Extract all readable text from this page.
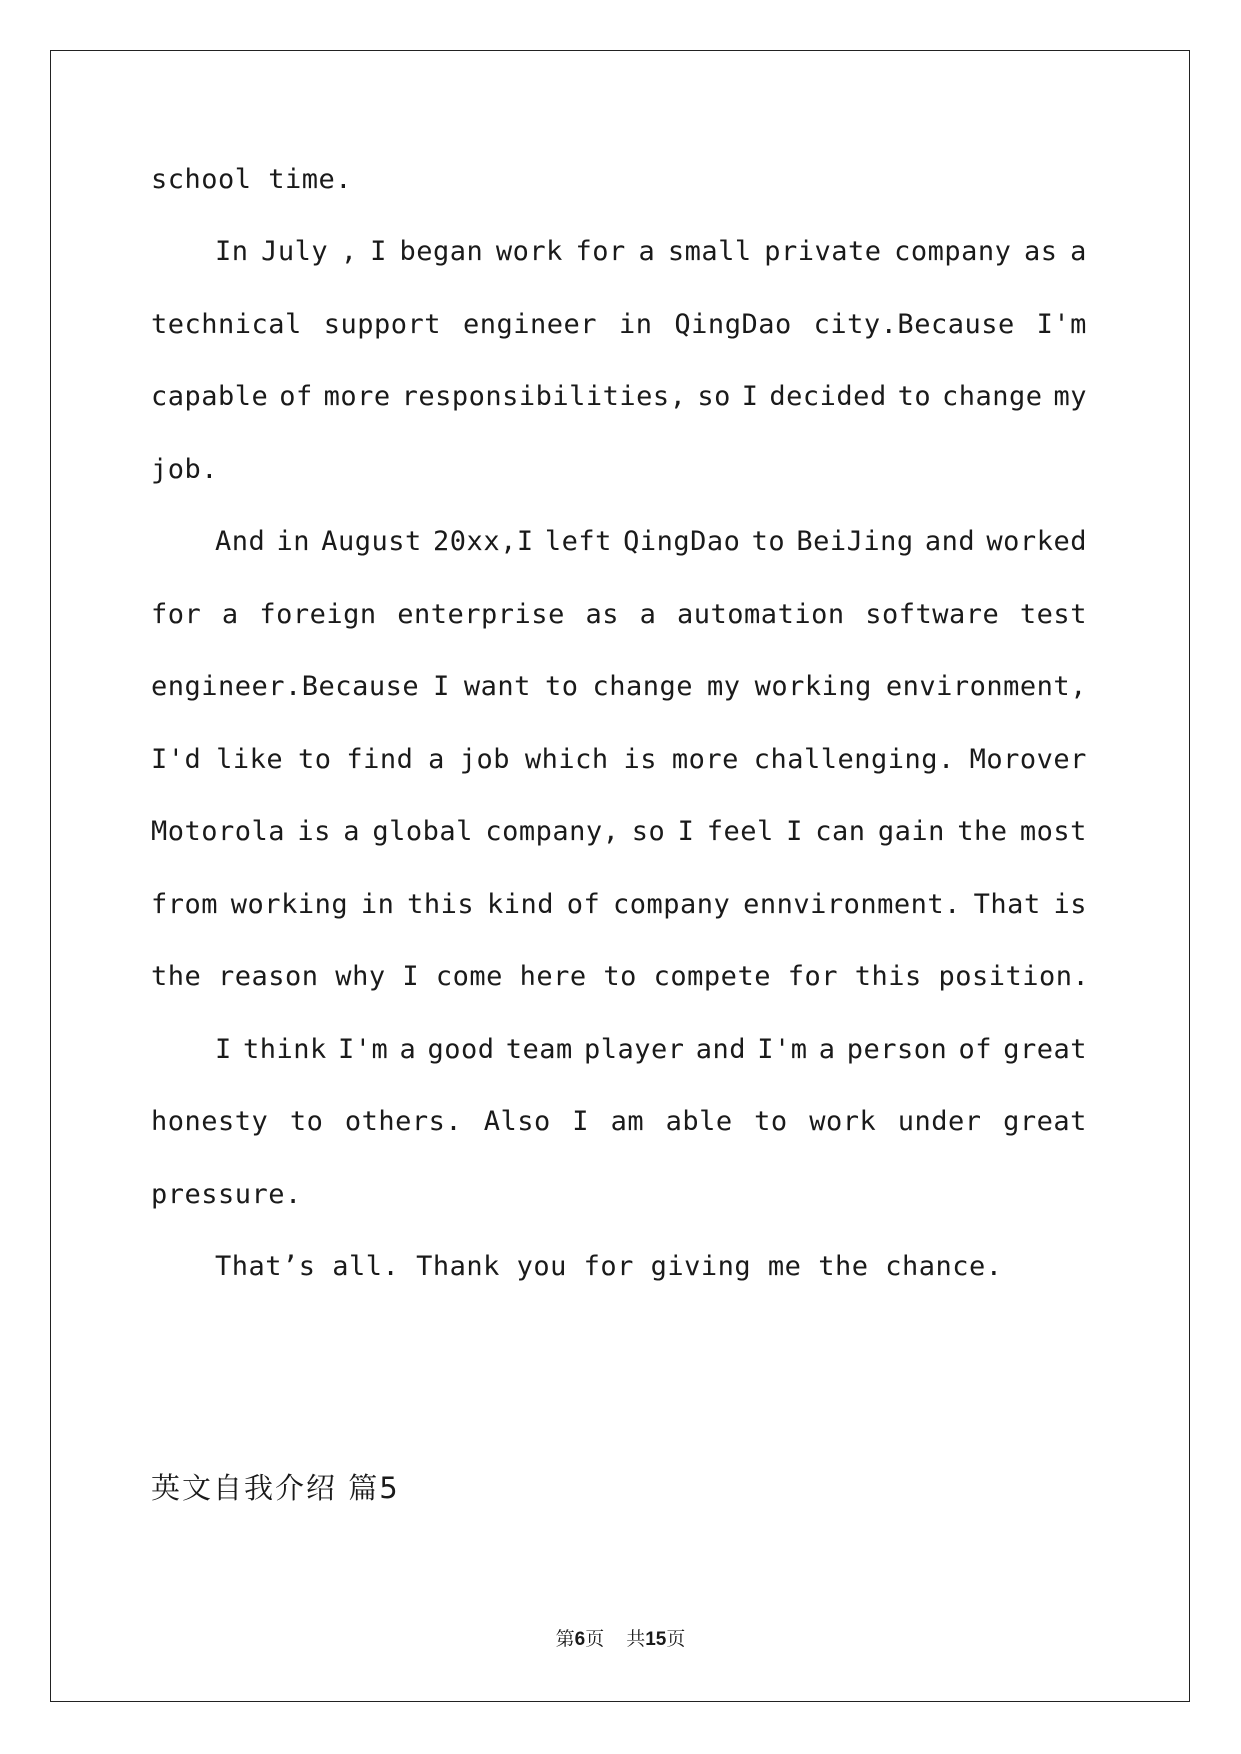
school time.
In July , I began work for a small private company as a
technical support engineer in QingDao city.Because I'm
capable of more responsibilities, so I decided to change my
job.
And in August 20xx,I left QingDao to BeiJing and worked
for a foreign enterprise as a automation software test
engineer.Because I want to change my working environment,
I'd like to find a job which is more challenging. Morover
Motorola is a global company, so I feel I can gain the most
from working in this kind of company ennvironment. That is
the reason why I come here to compete for this position.
I think I'm a good team player and I'm a person of great
honesty to others. Also I am able to work under great
pressure.
That’s all. Thank you for giving me the chance.
英文自我介绍 篇5
第6页 共15页
